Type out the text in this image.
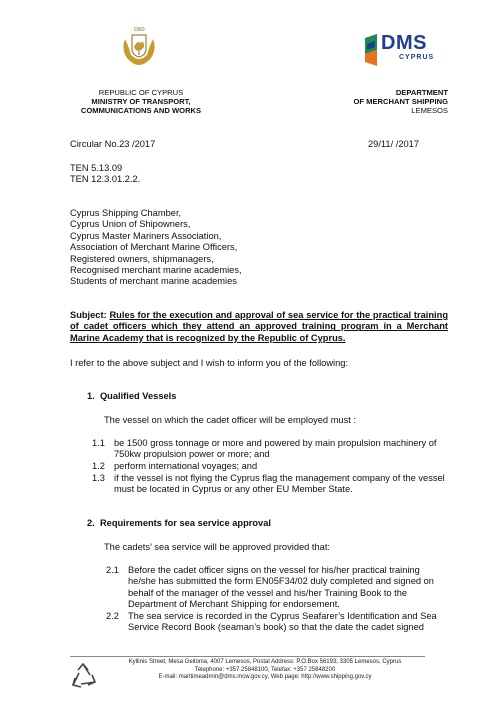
1960
DMS
CYPRUS
REPUBLIC OF CYPRUS
MINISTRY OF TRANSPORT,
COMMUNICATIONS AND WORKS
DEPARTMENT
OF MERCHANT SHIPPING
LEMESOS
Circular No.23 /2017	29/11/ /2017
TEN 5.13.09
TEN 12.3.01.2.2.
Cyprus Shipping Chamber,
Cyprus Union of Shipowners,
Cyprus Master Mariners Association,
Association of Merchant Marine Officers,
Registered owners, shipmanagers,
Recognised merchant marine academies,
Students of merchant marine academies
Subject: Rules for the execution and approval of sea service for the practical training of cadet officers which they attend an approved training program in a Merchant Marine Academy that is recognized by the Republic of Cyprus.
I refer to the above subject and I wish to inform you of the following:
1. Qualified Vessels
The vessel on which the cadet officer will be employed must :
1.1 be 1500 gross tonnage or more and powered by main propulsion machinery of 750kw propulsion power or more; and
1.2 perform international voyages; and
1.3 if the vessel is not flying the Cyprus flag the management company of the vessel must be located in Cyprus or any other EU Member State.
2. Requirements for sea service approval
The cadets’ sea service will be approved provided that:
2.1 Before the cadet officer signs on the vessel for his/her practical training he/she has submitted the form EN05F34/02 duly completed and signed on behalf of the manager of the vessel and his/her Training Book to the Department of Merchant Shipping for endorsement.
2.2 The sea service is recorded in the Cyprus Seafarer’s Identification and Sea Service Record Book (seaman’s book) so that the date the cadet signed
Kyllinis Street, Mesa Geitonia, 4007 Lemesos, Postal Address: P.O.Box 56193, 3305 Lemesos, Cyprus
Telephone: +357 25848100, Telefax: +357 25848200
E-mail: maritimeadmin@dms.mcw.gov.cy, Web page: http://www.shipping.gov.cy
